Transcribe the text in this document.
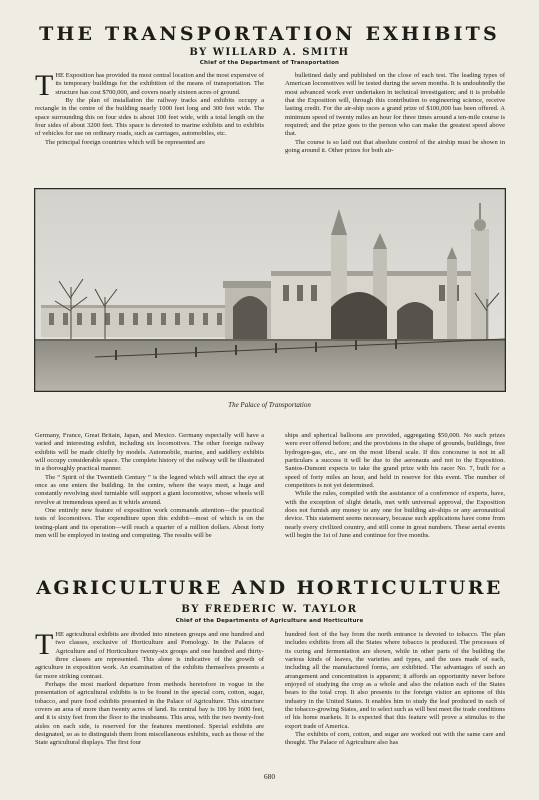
THE TRANSPORTATION EXHIBITS
BY WILLARD A. SMITH
Chief of the Department of Transportation

THE Exposition has provided its most central location and the most expensive of its temporary buildings for the exhibition of the means of transportation. The structure has cost $700,000, and covers nearly sixteen acres of ground.

By the plan of installation the railway tracks and exhibits occupy a rectangle in the centre of the building nearly 1000 feet long and 300 feet wide. The space surrounding this on four sides is about 100 feet wide, with a total length on the four sides of about 3200 feet. This space is devoted to marine exhibits and to exhibits of vehicles for use on ordinary roads, such as carriages, automobiles, etc.

The principal foreign countries which will be represented are

bulletined daily and published on the close of each test. The leading types of American locomotives will be tested during the seven months. It is undoubtedly the most advanced work ever undertaken in technical investigation; and it is probable that the Exposition will, through this contribution to engineering science, receive lasting credit. For the air-ship races a grand prize of $100,000 has been offered. A minimum speed of twenty miles an hour for three times around a ten-mile course is required; and the prize goes to the person who can make the greatest speed above that.

The course is so laid out that absolute control of the airship must be shown in going around it. Other prizes for both air-

The Palace of Transportation

Germany, France, Great Britain, Japan, and Mexico. Germany especially will have a varied and interesting exhibit, including six locomotives. The other foreign railway exhibits will be made chiefly by models. Automobile, marine, and saddlery exhibits will occupy considerable space. The complete history of the railway will be illustrated in a thoroughly practical manner.

The “ Spirit of the Twentieth Century ” is the legend which will attract the eye at once as one enters the building. In the centre, where the ways meet, a huge and constantly revolving steel turntable will support a giant locomotive, whose wheels will revolve at tremendous speed as it whirls around.

One entirely new feature of exposition work commands attention—the practical tests of locomotives. The expenditure upon this exhibit—most of which is on the testing-plant and its operation—will reach a quarter of a million dollars. About forty men will be employed in testing and computing. The results will be

ships and spherical balloons are provided, aggregating $50,000. No such prizes were ever offered before; and the provisions in the shape of grounds, buildings, free hydrogen-gas, etc., are on the most liberal scale. If this concourse is not in all particulars a success it will be due to the aeronauts and not to the Exposition. Santos-Dumont expects to take the grand prize with his racer No. 7, built for a speed of forty miles an hour, and held in reserve for this event. The number of competitors is not yet determined.

While the rules, compiled with the assistance of a conference of experts, have, with the exception of slight details, met with universal approval, the Exposition does not furnish any money to any one for building air-ships or any aeronautical device. This statement seems necessary, because such applications have come from nearly every civilized country, and still come in great numbers. These aerial events will begin the 1st of June and continue for five months.

AGRICULTURE AND HORTICULTURE
BY FREDERIC W. TAYLOR
Chief of the Departments of Agriculture and Horticulture

THE agricultural exhibits are divided into nineteen groups and one hundred and two classes, exclusive of Horticulture and Pomology. In the Palaces of Agriculture and of Horticulture twenty-six groups and one hundred and thirty-three classes are represented. This alone is indicative of the growth of agriculture in exposition work. An examination of the exhibits themselves presents a far more striking contrast.

Perhaps the most marked departure from methods heretofore in vogue in the presentation of agricultural exhibits is to be found in the special corn, cotton, sugar, tobacco, and pure food exhibits presented in the Palace of Agriculture. This structure covers an area of more than twenty acres of land. Its central bay is 106 by 1600 feet, and it is sixty feet from the floor to the trusbeams. This area, with the two twenty-foot aisles on each side, is reserved for the features mentioned. Special exhibits are designated, so as to distinguish them from miscellaneous exhibits, such as those of the State agricultural displays. The first four

hundred feet of the bay from the north entrance is devoted to tobacco. The plan includes exhibits from all the States where tobacco is produced. The processes of its curing and fermentation are shown, while in other parts of the building the various kinds of leaves, the varieties and types, and the uses made of each, including all the manufactured forms, are exhibited. The advantages of such an arrangement and concentration is apparent; it affords an opportunity never before enjoyed of studying the crop as a whole and also the relation each of the States bears to the total crop. It also presents to the foreign visitor an epitome of this industry in the United States. It enables him to study the leaf produced in each of the tobacco-growing States, and to select such as will best meet the trade conditions of his home markets. It is expected that this feature will prove a stimulus to the export trade of America.

The exhibits of corn, cotton, and sugar are worked out with the same care and thought. The Palace of Agriculture also has

680
